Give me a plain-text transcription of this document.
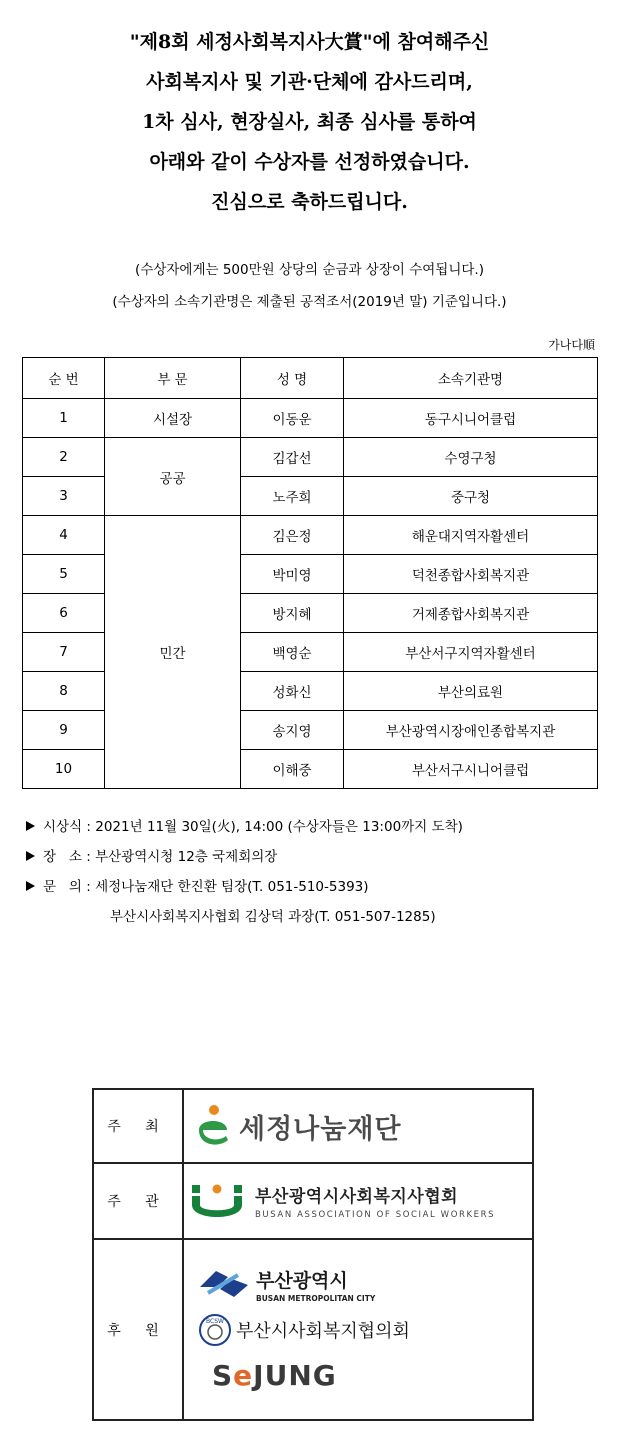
"제8회 세정사회복지사大賞"에 참여해주신
사회복지사 및 기관·단체에 감사드리며,
1차 심사, 현장실사, 최종 심사를 통하여
아래와 같이 수상자를 선정하였습니다.
진심으로 축하드립니다.
(수상자에게는 500만원 상당의 순금과 상장이 수여됩니다.)
(수상자의 소속기관명은 제출된 공적조서(2019년 말) 기준입니다.)
가나다順
순 번	부 문	성 명	소속기관명
1	시설장	이동운	동구시니어클럽
2	공공	김갑선	수영구청
3		노주희	중구청
4	민간	김은정	해운대지역자활센터
5		박미영	덕천종합사회복지관
6		방지혜	거제종합사회복지관
7		백영순	부산서구지역자활센터
8		성화신	부산의료원
9		송지영	부산광역시장애인종합복지관
10		이해중	부산서구시니어클럽
시상식 : 2021년 11월 30일(火), 14:00 (수상자들은 13:00까지 도착)
장   소 : 부산광역시청 12층 국제회의장
문   의 : 세정나눔재단 한진환 팀장(T. 051-510-5393)
부산시사회복지사협회 김상덕 과장(T. 051-507-1285)
주 최	세정나눔재단

주 관	부산광역시사회복지사협회
BUSAN ASSOCIATION OF SOCIAL WORKERS

후 원	부산광역시
BUSAN METROPOLITAN CITY
BCSW 부산시사회복지협의회
SeJUNG
